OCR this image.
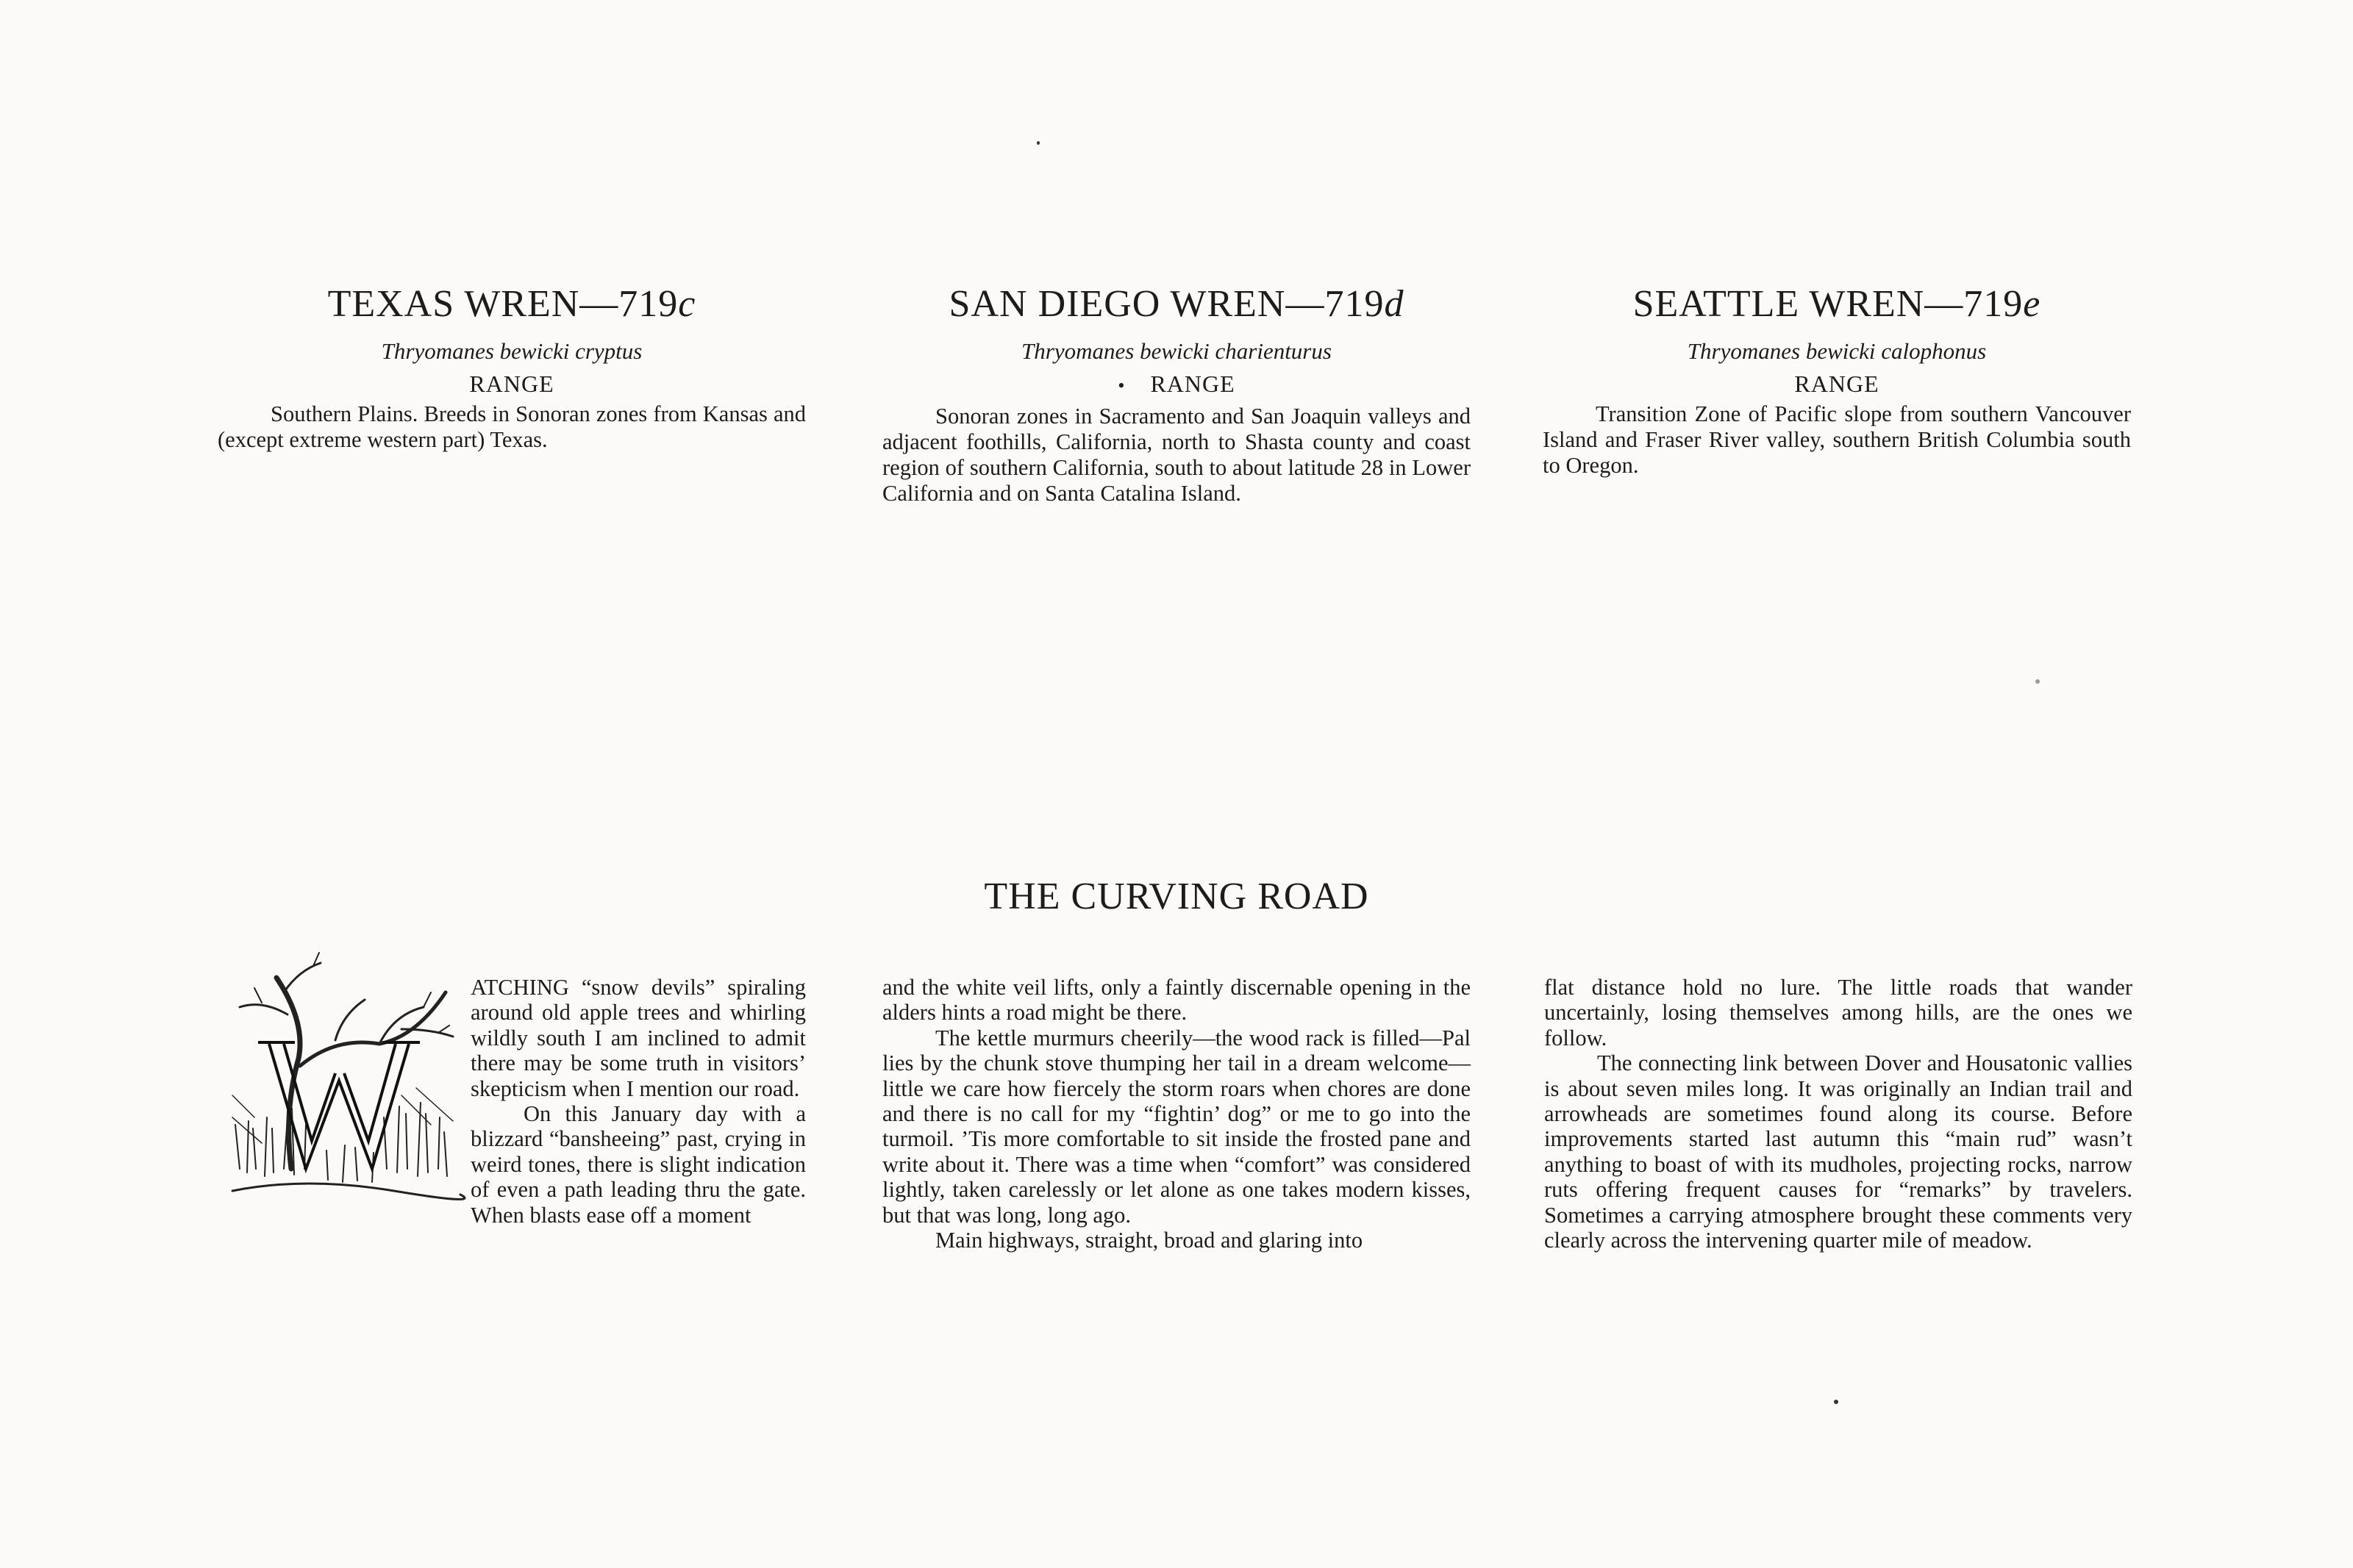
TEXAS WREN—719c
Thryomanes bewicki cryptus
RANGE

Southern Plains. Breeds in Sonoran zones from Kansas and (except extreme western part) Texas.

SAN DIEGO WREN—719d
Thryomanes bewicki charienturus
• RANGE

Sonoran zones in Sacramento and San Joaquin valleys and adjacent foothills, California, north to Shasta county and coast region of southern California, south to about latitude 28 in Lower California and on Santa Catalina Island.

SEATTLE WREN—719e
Thryomanes bewicki calophonus
RANGE

Transition Zone of Pacific slope from southern Vancouver Island and Fraser River valley, southern British Columbia south to Oregon.

THE CURVING ROAD
W

ATCHING “snow devils” spiraling around old apple trees and whirling wildly south I am inclined to admit there may be some truth in visitors’ skepticism when I mention our road.

On this January day with a blizzard “bansheeing” past, crying in weird tones, there is slight indication of even a path leading thru the gate. When blasts ease off a moment

and the white veil lifts, only a faintly discernable opening in the alders hints a road might be there.

The kettle murmurs cheerily—the wood rack is filled—Pal lies by the chunk stove thumping her tail in a dream welcome—little we care how fiercely the storm roars when chores are done and there is no call for my “fightin’ dog” or me to go into the turmoil. ’Tis more comfortable to sit inside the frosted pane and write about it. There was a time when “comfort” was considered lightly, taken carelessly or let alone as one takes modern kisses, but that was long, long ago.

Main highways, straight, broad and glaring into

flat distance hold no lure. The little roads that wander uncertainly, losing themselves among hills, are the ones we follow.

The connecting link between Dover and Housatonic vallies is about seven miles long. It was originally an Indian trail and arrowheads are sometimes found along its course. Before improvements started last autumn this “main rud” wasn’t anything to boast of with its mudholes, projecting rocks, narrow ruts offering frequent causes for “remarks” by travelers. Sometimes a carrying atmosphere brought these comments very clearly across the intervening quarter mile of meadow.
